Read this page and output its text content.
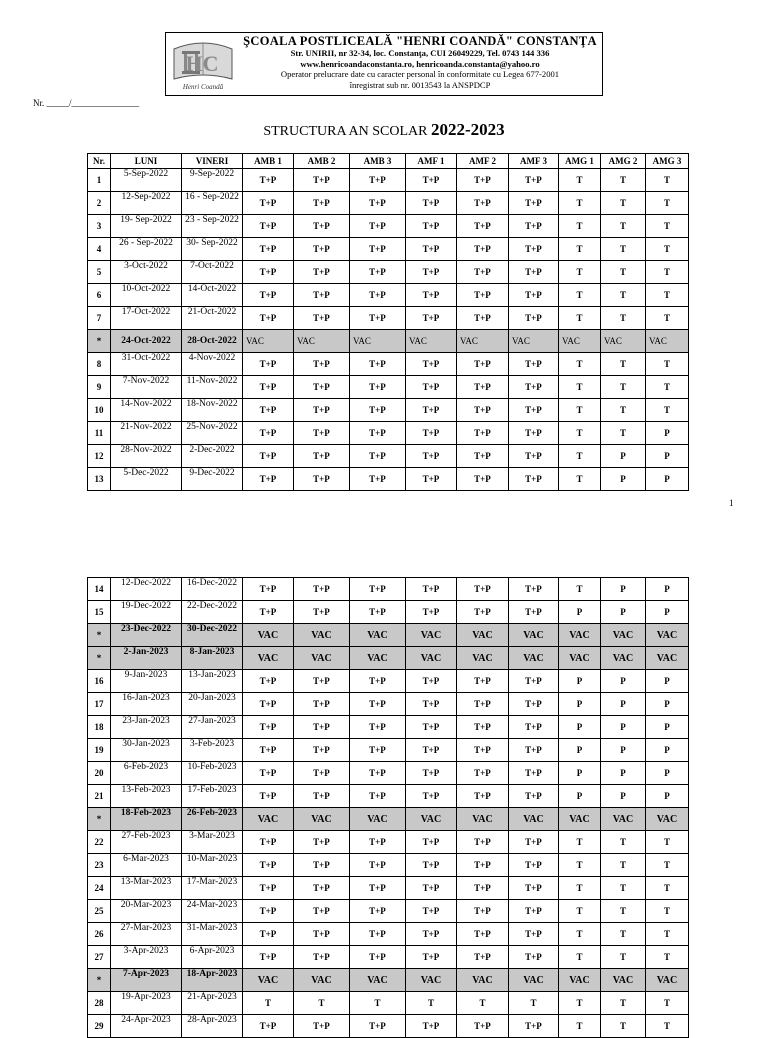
HC
Henri Coandă
ŞCOALA POSTLICEALĂ "HENRI COANDĂ" CONSTANŢA
Str. UNIRII, nr 32-34, loc. Constanţa, CUI 26049229, Tel. 0743 144 336
www.henricoandaconstanta.ro, henricoanda.constanta@yahoo.ro
Operator prelucrare date cu caracter personal în conformitate cu Legea 677-2001
înregistrat sub nr. 0013543 la ANSPDCP
Nr. _____/_______________
STRUCTURA AN SCOLAR 2022-2023
Nr.	LUNI	VINERI	AMB 1	AMB 2	AMB 3	AMF 1	AMF 2	AMF 3	AMG 1	AMG 2	AMG 3
1	5-Sep-2022	9-Sep-2022	T+P	T+P	T+P	T+P	T+P	T+P	T	T	T
2	12-Sep-2022	16 - Sep-2022	T+P	T+P	T+P	T+P	T+P	T+P	T	T	T
3	19- Sep-2022	23 - Sep-2022	T+P	T+P	T+P	T+P	T+P	T+P	T	T	T
4	26 - Sep-2022	30- Sep-2022	T+P	T+P	T+P	T+P	T+P	T+P	T	T	T
5	3-Oct-2022	7-Oct-2022	T+P	T+P	T+P	T+P	T+P	T+P	T	T	T
6	10-Oct-2022	14-Oct-2022	T+P	T+P	T+P	T+P	T+P	T+P	T	T	T
7	17-Oct-2022	21-Oct-2022	T+P	T+P	T+P	T+P	T+P	T+P	T	T	T
*	24-Oct-2022	28-Oct-2022	VAC	VAC	VAC	VAC	VAC	VAC	VAC	VAC	VAC
8	31-Oct-2022	4-Nov-2022	T+P	T+P	T+P	T+P	T+P	T+P	T	T	T
9	7-Nov-2022	11-Nov-2022	T+P	T+P	T+P	T+P	T+P	T+P	T	T	T
10	14-Nov-2022	18-Nov-2022	T+P	T+P	T+P	T+P	T+P	T+P	T	T	T
11	21-Nov-2022	25-Nov-2022	T+P	T+P	T+P	T+P	T+P	T+P	T	T	P
12	28-Nov-2022	2-Dec-2022	T+P	T+P	T+P	T+P	T+P	T+P	T	P	P
13	5-Dec-2022	9-Dec-2022	T+P	T+P	T+P	T+P	T+P	T+P	T	P	P
1
14	12-Dec-2022	16-Dec-2022	T+P	T+P	T+P	T+P	T+P	T+P	T	P	P
15	19-Dec-2022	22-Dec-2022	T+P	T+P	T+P	T+P	T+P	T+P	P	P	P
*	23-Dec-2022	30-Dec-2022	VAC	VAC	VAC	VAC	VAC	VAC	VAC	VAC	VAC
*	2-Jan-2023	8-Jan-2023	VAC	VAC	VAC	VAC	VAC	VAC	VAC	VAC	VAC
16	9-Jan-2023	13-Jan-2023	T+P	T+P	T+P	T+P	T+P	T+P	P	P	P
17	16-Jan-2023	20-Jan-2023	T+P	T+P	T+P	T+P	T+P	T+P	P	P	P
18	23-Jan-2023	27-Jan-2023	T+P	T+P	T+P	T+P	T+P	T+P	P	P	P
19	30-Jan-2023	3-Feb-2023	T+P	T+P	T+P	T+P	T+P	T+P	P	P	P
20	6-Feb-2023	10-Feb-2023	T+P	T+P	T+P	T+P	T+P	T+P	P	P	P
21	13-Feb-2023	17-Feb-2023	T+P	T+P	T+P	T+P	T+P	T+P	P	P	P
*	18-Feb-2023	26-Feb-2023	VAC	VAC	VAC	VAC	VAC	VAC	VAC	VAC	VAC
22	27-Feb-2023	3-Mar-2023	T+P	T+P	T+P	T+P	T+P	T+P	T	T	T
23	6-Mar-2023	10-Mar-2023	T+P	T+P	T+P	T+P	T+P	T+P	T	T	T
24	13-Mar-2023	17-Mar-2023	T+P	T+P	T+P	T+P	T+P	T+P	T	T	T
25	20-Mar-2023	24-Mar-2023	T+P	T+P	T+P	T+P	T+P	T+P	T	T	T
26	27-Mar-2023	31-Mar-2023	T+P	T+P	T+P	T+P	T+P	T+P	T	T	T
27	3-Apr-2023	6-Apr-2023	T+P	T+P	T+P	T+P	T+P	T+P	T	T	T
*	7-Apr-2023	18-Apr-2023	VAC	VAC	VAC	VAC	VAC	VAC	VAC	VAC	VAC
28	19-Apr-2023	21-Apr-2023	T	T	T	T	T	T	T	T	T
29	24-Apr-2023	28-Apr-2023	T+P	T+P	T+P	T+P	T+P	T+P	T	T	T
